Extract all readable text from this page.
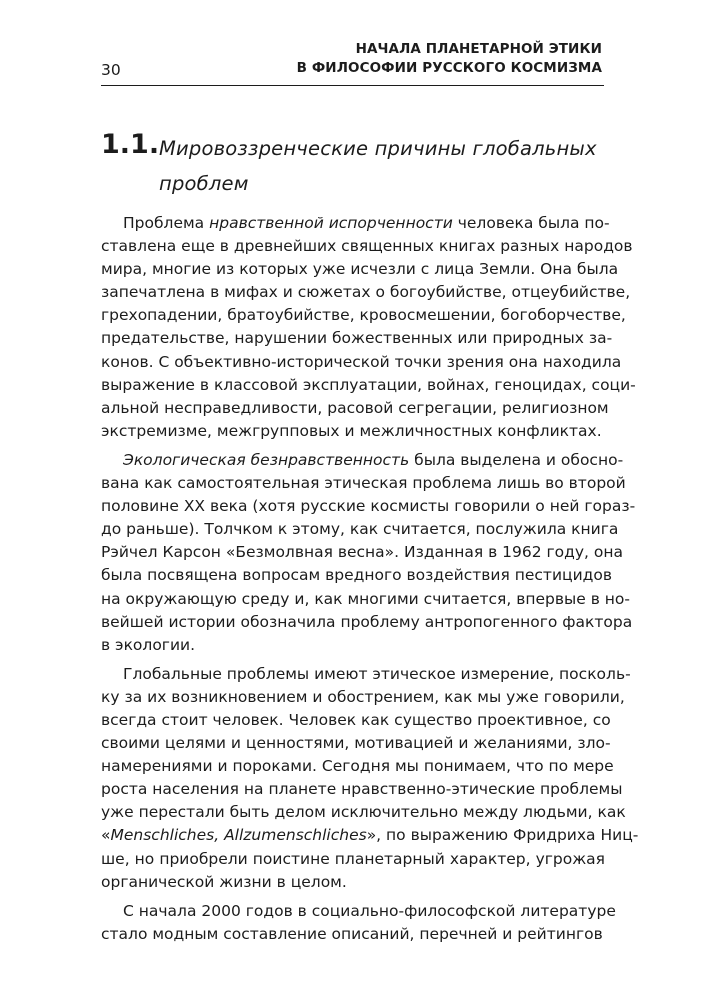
30
НАЧАЛА ПЛАНЕТАРНОЙ ЭТИКИ
В ФИЛОСОФИИ РУССКОГО КОСМИЗМА
1.1. Мировоззренческие причины глобальных
проблем
Проблема нравственной испорченности человека была по-
ставлена еще в древнейших священных книгах разных народов
мира, многие из которых уже исчезли с лица Земли. Она была
запечатлена в мифах и сюжетах о богоубийстве, отцеубийстве,
грехопадении, братоубийстве, кровосмешении, богоборчестве,
предательстве, нарушении божественных или природных за-
конов. С объективно-исторической точки зрения она находила
выражение в классовой эксплуатации, войнах, геноцидах, соци-
альной несправедливости, расовой сегрегации, религиозном
экстремизме, межгрупповых и межличностных конфликтах.
Экологическая безнравственность была выделена и обосно-
вана как самостоятельная этическая проблема лишь во второй
половине XX века (хотя русские космисты говорили о ней горaз-
до раньше). Толчком к этому, как считается, послужила книга
Рэйчел Карсон «Безмолвная весна». Изданная в 1962 году, она
была посвящена вопросам вредного воздействия пестицидов
на окружающую среду и, как многими считается, впервые в но-
вейшей истории обозначила проблему антропогенного фактора
в экологии.
Глобальные проблемы имеют этическое измерение, посколь-
ку за их возникновением и обострением, как мы уже говорили,
всегда стоит человек. Человек как существо проективное, со
своими целями и ценностями, мотивацией и желаниями, зло-
намерениями и пороками. Сегодня мы понимаем, что по мере
роста населения на планете нравственно-этические проблемы
уже перестали быть делом исключительно между людьми, как
«Menschliches, Allzumenschliches», по выражению Фридриха Ниц-
ше, но приобрели поистине планетарный характер, угрожая
органической жизни в целом.
С начала 2000 годов в социально-философской литературе
стало модным составление описаний, перечней и рейтингов
